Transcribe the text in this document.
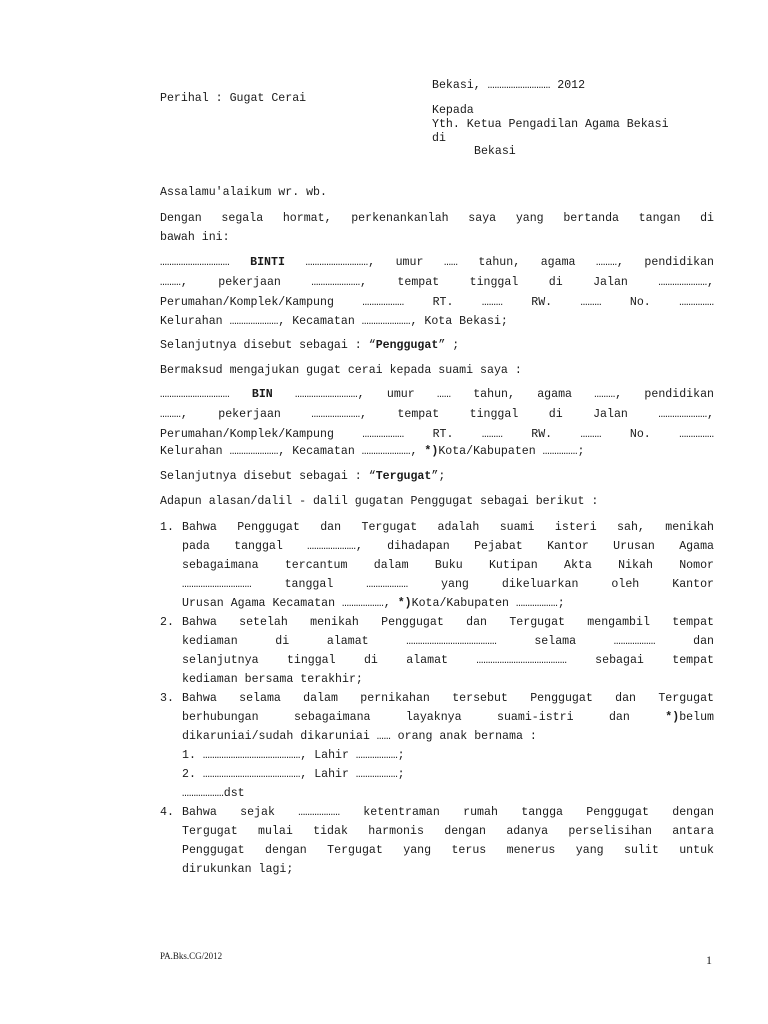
Bekasi, ……………………… 2012
Perihal : Gugat Cerai
Kepada
Yth. Ketua Pengadilan Agama Bekasi
di
Bekasi
Assalamu'alaikum wr. wb.
Dengan segala hormat, perkenankanlah saya yang bertanda tangan di
bawah ini:
………………………… BINTI ………………………, umur …… tahun, agama ………, pendidikan
………, pekerjaan …………………, tempat tinggal di Jalan …………………,
Perumahan/Komplek/Kampung ……………… RT. ……… RW. ……… No. ……………
Kelurahan …………………, Kecamatan …………………, Kota Bekasi;
Selanjutnya disebut sebagai : “Penggugat” ;
Bermaksud mengajukan gugat cerai kepada suami saya :
………………………… BIN ………………………, umur …… tahun, agama ………, pendidikan
………, pekerjaan …………………, tempat tinggal di Jalan …………………,
Perumahan/Komplek/Kampung ……………… RT. ……… RW. ……… No. ……………
Kelurahan …………………, Kecamatan …………………, *)Kota/Kabupaten ……………;
Selanjutnya disebut sebagai : “Tergugat”;
Adapun alasan/dalil - dalil gugatan Penggugat sebagai berikut :
1. Bahwa Penggugat dan Tergugat adalah suami isteri sah, menikah
pada tanggal …………………, dihadapan Pejabat Kantor Urusan Agama
sebagaimana tercantum dalam Buku Kutipan Akta Nikah Nomor
………………………… tanggal ……………… yang dikeluarkan oleh Kantor
Urusan Agama Kecamatan ………………, *)Kota/Kabupaten ………………;
2. Bahwa setelah menikah Penggugat dan Tergugat mengambil tempat
kediaman di alamat ………………………………… selama ……………… dan
selanjutnya tinggal di alamat ………………………………… sebagai tempat
kediaman bersama terakhir;
3. Bahwa selama dalam pernikahan tersebut Penggugat dan Tergugat
berhubungan sebagaimana layaknya suami-istri dan *)belum
dikaruniai/sudah dikaruniai …… orang anak bernama :
1. ……………………………………, Lahir ………………;
2. ……………………………………, Lahir ………………;
………………dst
4. Bahwa sejak ……………… ketentraman rumah tangga Penggugat dengan
Tergugat mulai tidak harmonis dengan adanya perselisihan antara
Penggugat dengan Tergugat yang terus menerus yang sulit untuk
dirukunkan lagi;
PA.Bks.CG/2012	1
